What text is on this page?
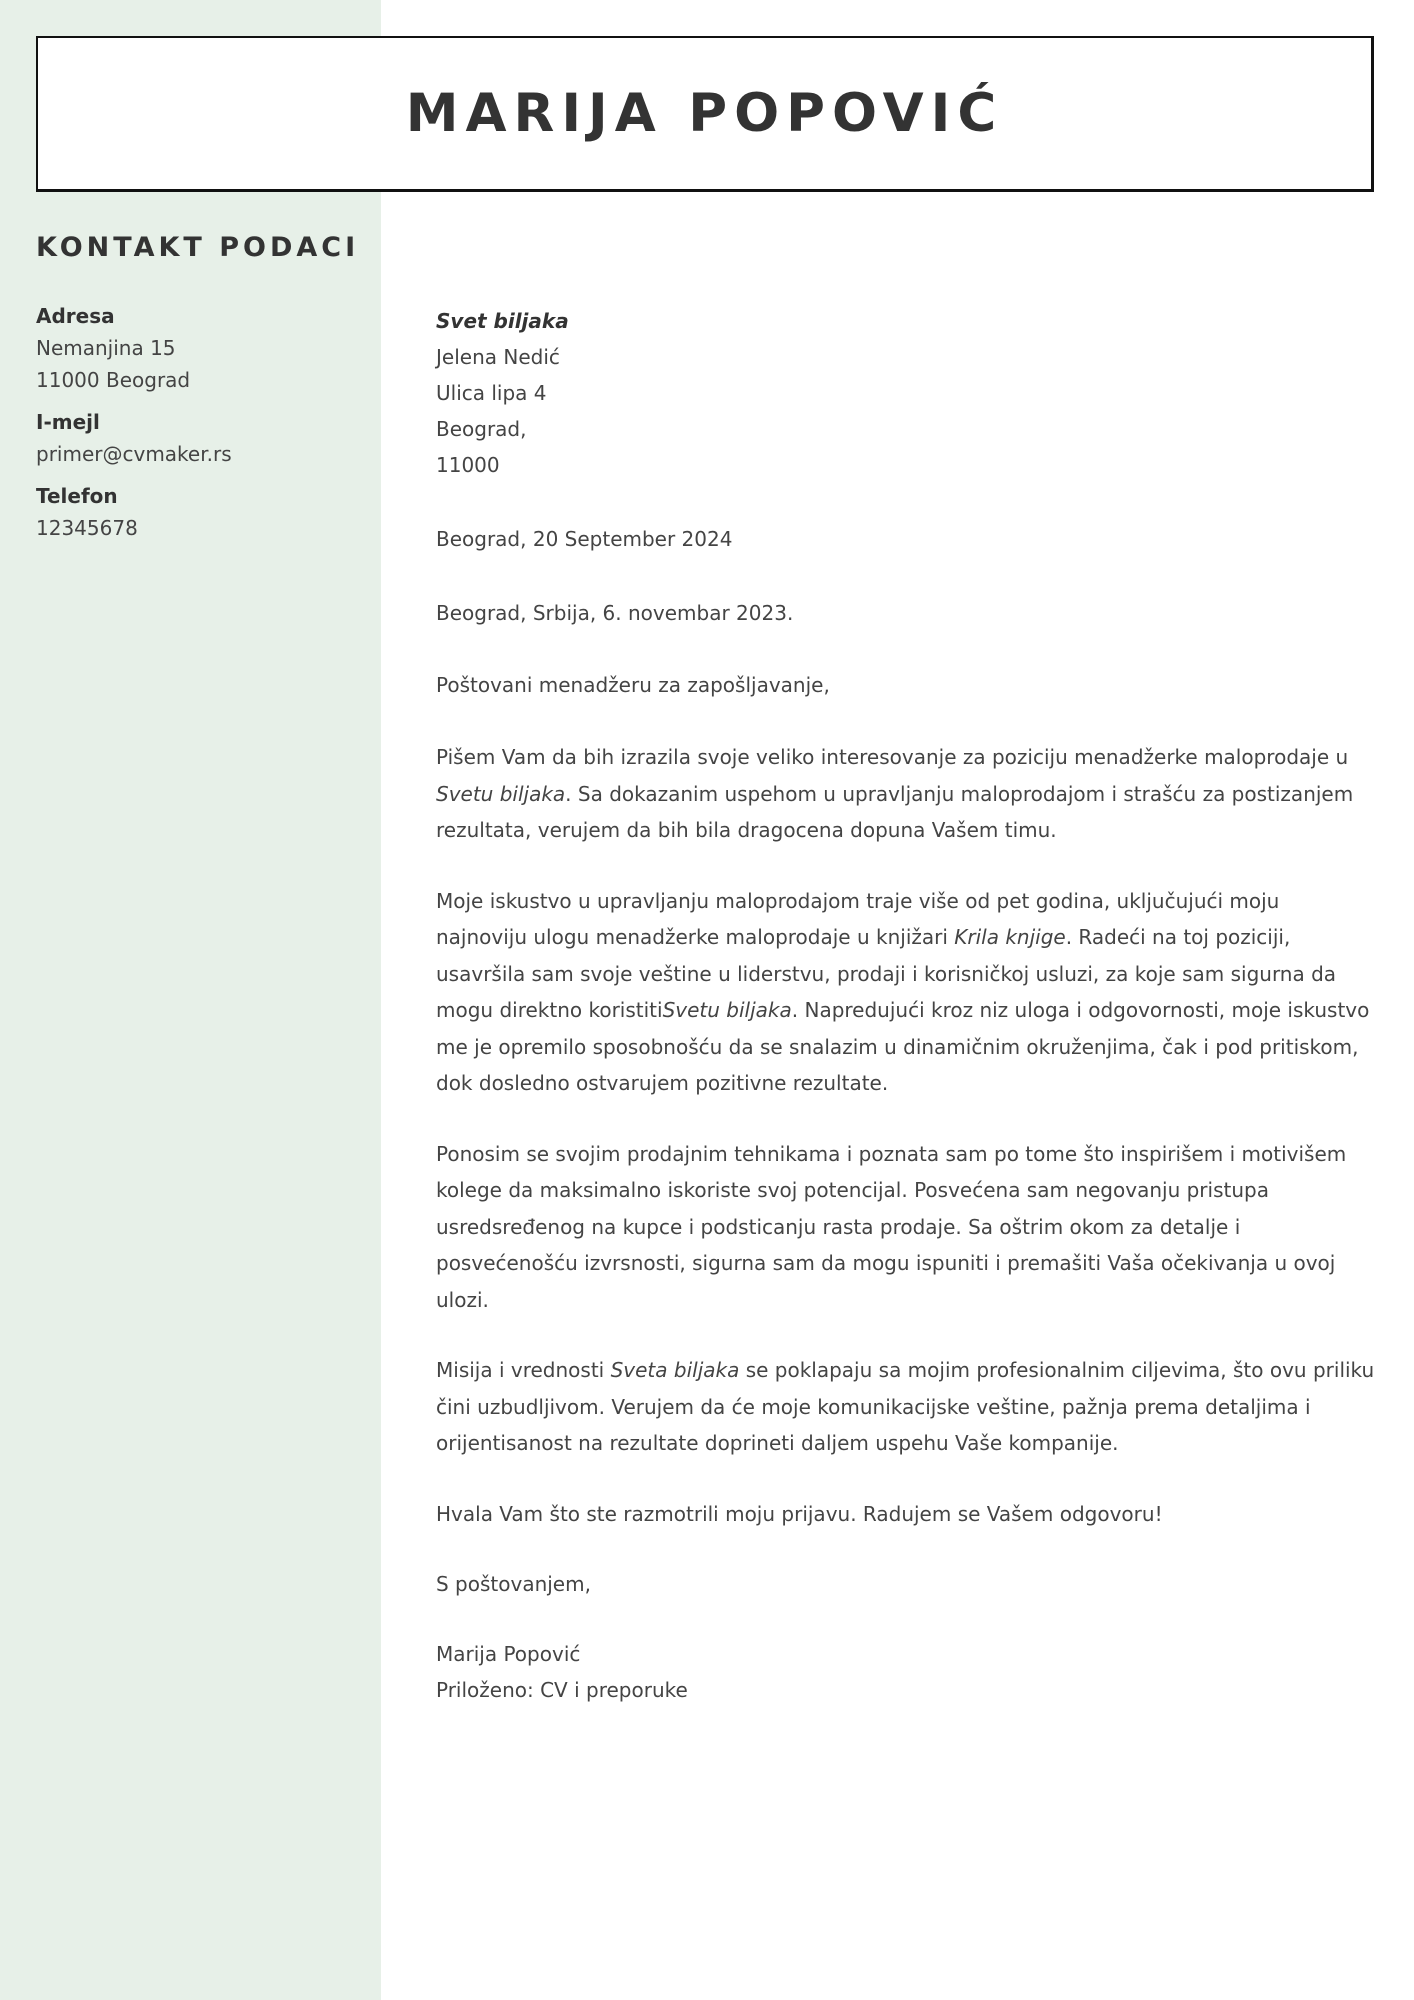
MARIJA POPOVIĆ
KONTAKT PODACI
Adresa
Nemanjina 15
11000 Beograd
I-mejl
primer@cvmaker.rs
Telefon
12345678

Svet biljaka

Jelena Nedić

Ulica lipa 4

Beograd,

11000

Beograd, 20 September 2024

Beograd, Srbija, 6. novembar 2023.

Poštovani menadžeru za zapošljavanje,

Pišem Vam da bih izrazila svoje veliko interesovanje za poziciju menadžerke maloprodaje u Svetu biljaka. Sa dokazanim uspehom u upravljanju maloprodajom i strašću za postizanjem rezultata, verujem da bih bila dragocena dopuna Vašem timu.

Moje iskustvo u upravljanju maloprodajom traje više od pet godina, uključujući moju najnoviju ulogu menadžerke maloprodaje u knjižari Krila knjige. Radeći na toj poziciji, usavršila sam svoje veštine u liderstvu, prodaji i korisničkoj usluzi, za koje sam sigurna da mogu direktno koristitiSvetu biljaka. Napredujući kroz niz uloga i odgovornosti, moje iskustvo me je opremilo sposobnošću da se snalazim u dinamičnim okruženjima, čak i pod pritiskom, dok dosledno ostvarujem pozitivne rezultate.

Ponosim se svojim prodajnim tehnikama i poznata sam po tome što inspirišem i motivišem kolege da maksimalno iskoriste svoj potencijal. Posvećena sam negovanju pristupa usredsređenog na kupce i podsticanju rasta prodaje. Sa oštrim okom za detalje i posvećenošću izvrsnosti, sigurna sam da mogu ispuniti i premašiti Vaša očekivanja u ovoj ulozi.

Misija i vrednosti Sveta biljaka se poklapaju sa mojim profesionalnim ciljevima, što ovu priliku čini uzbudljivom. Verujem da će moje komunikacijske veštine, pažnja prema detaljima i orijentisanost na rezultate doprineti daljem uspehu Vaše kompanije.

Hvala Vam što ste razmotrili moju prijavu. Radujem se Vašem odgovoru!

S poštovanjem,

Marija Popović

Priloženo: CV i preporuke
